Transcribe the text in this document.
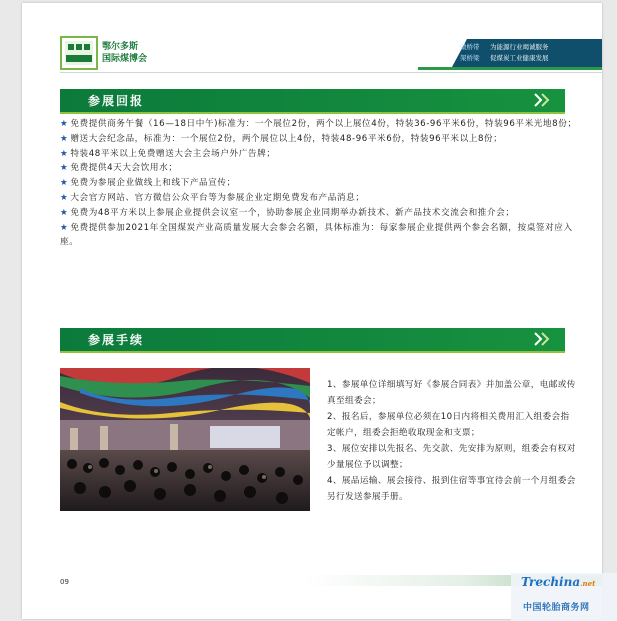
鄂尔多斯
国际煤博会
做桥带 为能源行业竭诚服务
架桥梁 促煤炭工业健康发展
参展回报

★ 免费提供商务午餐（16—18日中午)标准为：一个展位2份，两个以上展位4份，特装36-96平米6份，特装96平米光地8份；

★ 赠送大会纪念品，标准为：一个展位2份，两个展位以上4份，特装48-96平米6份，特装96平米以上8份；

★ 特装48平米以上免费赠送大会主会场户外广告牌；

★ 免费提供4天大会饮用水；

★ 免费为参展企业做线上和线下产品宣传；

★ 大会官方网站、官方微信公众平台等为参展企业定期免费发布产品消息；

★ 免费为48平方米以上参展企业提供会议室一个，协助参展企业同期举办新技术、新产品技术交流会和推介会；

★ 免费提供参加2021年全国煤炭产业高质量发展大会参会名额，具体标准为：每家参展企业提供两个参会名额，按桌签对应入座。

参展手续

1、参展单位详细填写好《参展合同表》并加盖公章，电邮或传真至组委会；

2、报名后，参展单位必须在10日内将相关费用汇入组委会指定帐户，组委会拒绝收取现金和支票；

3、展位安排以先报名、先交款、先安排为原则，组委会有权对少量展位予以调整；

4、展品运输、展会接待、报到住宿等事宜待会前一个月组委会另行发送参展手册。

09	Trechina.net
中国轮胎商务网
